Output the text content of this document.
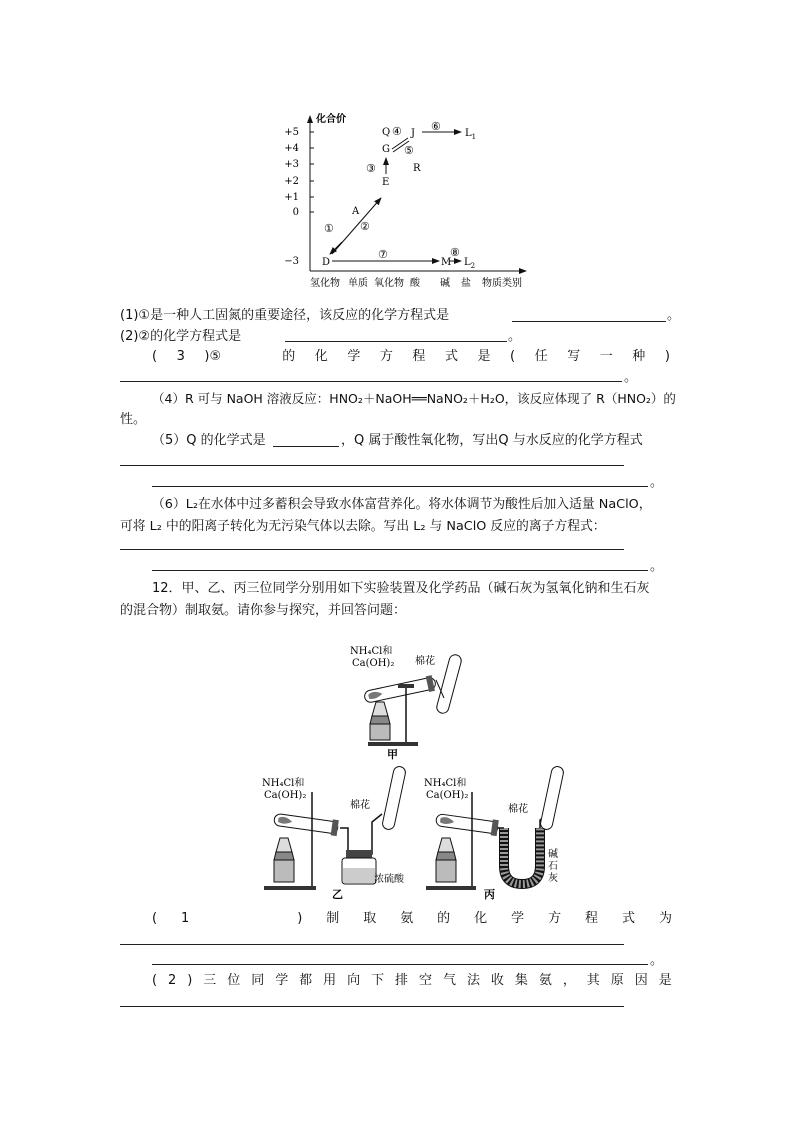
化合价
+5
+4
+3
+2
+1
0
−3
氢化物 单质 氧化物 酸 碱 盐 物质类别
D
A
E
G
Q J
R
M
① ②
③
④
⑤
⑥
⑦	⑧
$L_1$
$L_2$
(1)①是一种人工固氮的重要途径，该反应的化学方程式是	。
(2)②的化学方程式是	。
( 3 )⑤	的 化 学 方 程 式 是 ( 任 写 一 种 )
。
（4）R 可与 NaOH 溶液反应：HNO₂＋NaOH══NaNO₂＋H₂O，该反应体现了 R（HNO₂）的
性。
（5）Q 的化学式是	，Q 属于酸性氧化物，写出Q 与水反应的化学方程式
。
（6）L₂在水体中过多蓄积会导致水体富营养化。将水体调节为酸性后加入适量 NaClO，
可将 L₂ 中的阳离子转化为无污染气体以去除。写出 L₂ 与 NaClO 反应的离子方程式：
。
12．甲、乙、丙三位同学分别用如下实验装置及化学药品（碱石灰为氢氧化钠和生石灰
的混合物）制取氨。请你参与探究，并回答问题：
NH₄Cl和
Ca(OH)₂ 棉花
甲
NH₄Cl和
Ca(OH)₂
棉花
浓硫酸
乙
NH₄Cl和
Ca(OH)₂
棉花
碱 石 灰
丙
( 1	) 制 取 氨 的 化 学 方 程 式 为
。
( 2 ) 三 位 同 学 都 用 向 下 排 空 气 法 收 集 氨 ， 其 原 因 是
